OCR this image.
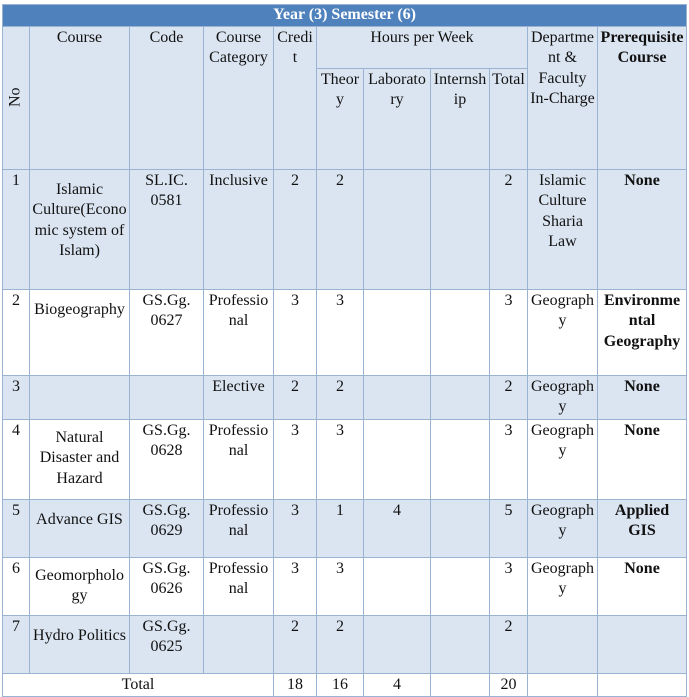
Year (3) Semester (6)										
No	Course	Code	Course Category	Credit	Hours per Week				Department & Faculty In-Charge	Prerequisite Course
					Theory	Laboratory	Internship	Total		
1	Islamic Culture(Economic system of Islam)	SL.IC. 0581	Inclusive	2	2			2	Islamic Culture Sharia Law	None
2	Biogeography	GS.Gg. 0627	Professional	3	3			3	Geography	Environmental Geography
3			Elective	2	2			2	Geography	None
4	Natural Disaster and Hazard	GS.Gg. 0628	Professional	3	3			3	Geography	None
5	Advance GIS	GS.Gg. 0629	Professional	3	1	4		5	Geography	Applied GIS
6	Geomorphology	GS.Gg. 0626	Professional	3	3			3	Geography	None
7	Hydro Politics	GS.Gg. 0625		2	2			2		
Total				18	16	4		20		
